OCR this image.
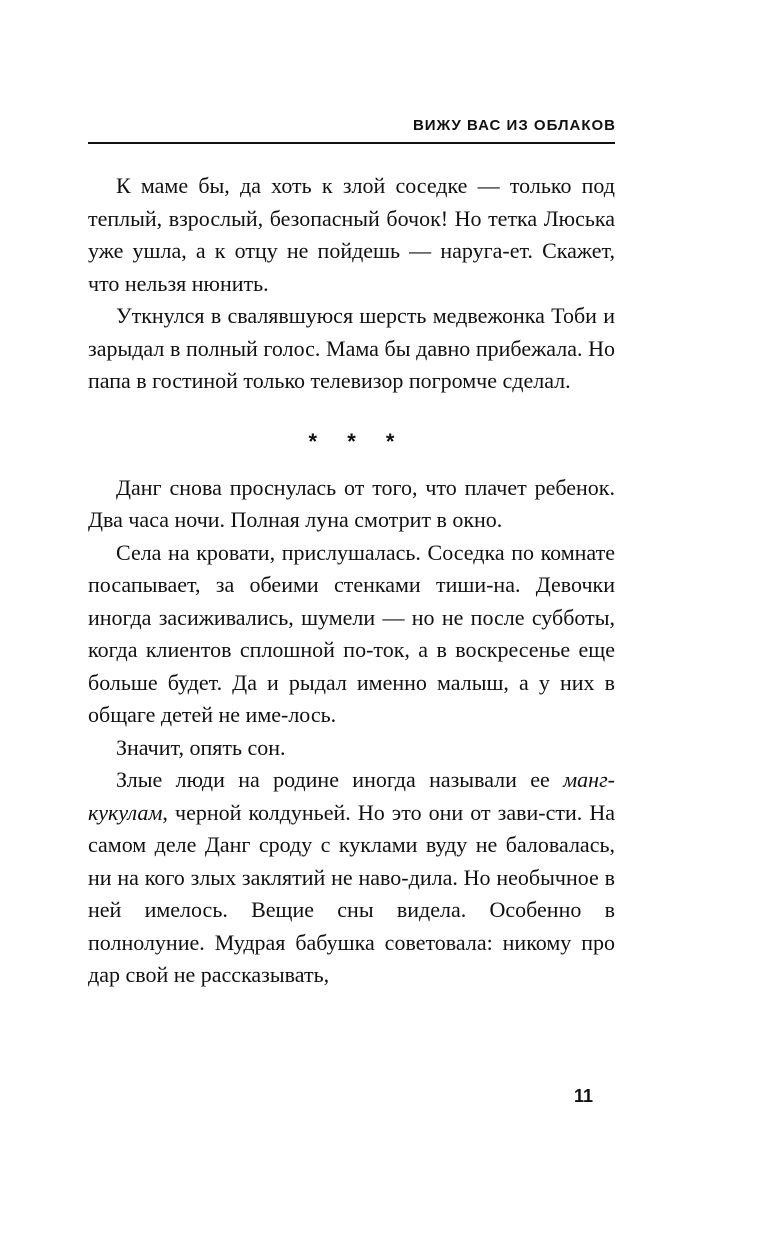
ВИЖУ ВАС ИЗ ОБЛАКОВ

К маме бы, да хоть к злой соседке — только под теплый, взрослый, безопасный бочок! Но тетка Люська уже ушла, а к отцу не пойдешь — наруга-ет. Скажет, что нельзя нюнить.

Уткнулся в свалявшуюся шерсть медвежонка Тоби и зарыдал в полный голос. Мама бы давно прибежала. Но папа в гостиной только телевизор погромче сделал.

* * *

Данг снова проснулась от того, что плачет ребенок. Два часа ночи. Полная луна смотрит в окно.

Села на кровати, прислушалась. Соседка по комнате посапывает, за обеими стенками тиши-на. Девочки иногда засиживались, шумели — но не после субботы, когда клиентов сплошной по-ток, а в воскресенье еще больше будет. Да и рыдал именно малыш, а у них в общаге детей не име-лось.

Значит, опять сон.

Злые люди на родине иногда называли ее манг-кукулам, черной колдуньей. Но это они от зави-сти. На самом деле Данг сроду с куклами вуду не баловалась, ни на кого злых заклятий не наво-дила. Но необычное в ней имелось. Вещие сны видела. Особенно в полнолуние. Мудрая бабушка советовала: никому про дар свой не рассказывать,

11
